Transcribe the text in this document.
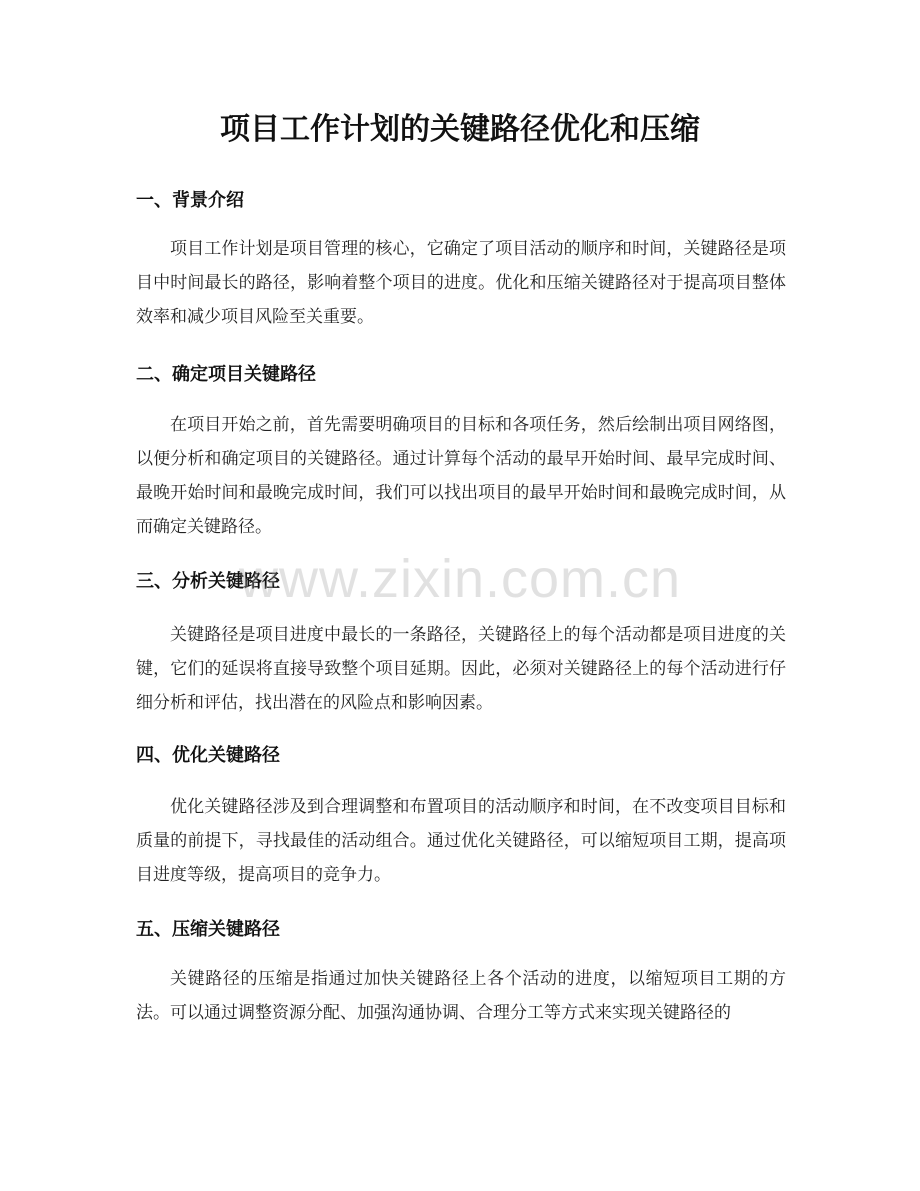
项目工作计划的关键路径优化和压缩
一、背景介绍
项目工作计划是项目管理的核心，它确定了项目活动的顺序和时间，关键路径是项目中时间最长的路径，影响着整个项目的进度。优化和压缩关键路径对于提高项目整体效率和减少项目风险至关重要。
二、确定项目关键路径
在项目开始之前，首先需要明确项目的目标和各项任务，然后绘制出项目网络图，以便分析和确定项目的关键路径。通过计算每个活动的最早开始时间、最早完成时间、最晚开始时间和最晚完成时间，我们可以找出项目的最早开始时间和最晚完成时间，从而确定关键路径。
三、分析关键路径
关键路径是项目进度中最长的一条路径，关键路径上的每个活动都是项目进度的关键，它们的延误将直接导致整个项目延期。因此，必须对关键路径上的每个活动进行仔细分析和评估，找出潜在的风险点和影响因素。
四、优化关键路径
优化关键路径涉及到合理调整和布置项目的活动顺序和时间，在不改变项目目标和质量的前提下，寻找最佳的活动组合。通过优化关键路径，可以缩短项目工期，提高项目进度等级，提高项目的竞争力。
五、压缩关键路径
关键路径的压缩是指通过加快关键路径上各个活动的进度，以缩短项目工期的方法。可以通过调整资源分配、加强沟通协调、合理分工等方式来实现关键路径的
www.zixin.com.cn
